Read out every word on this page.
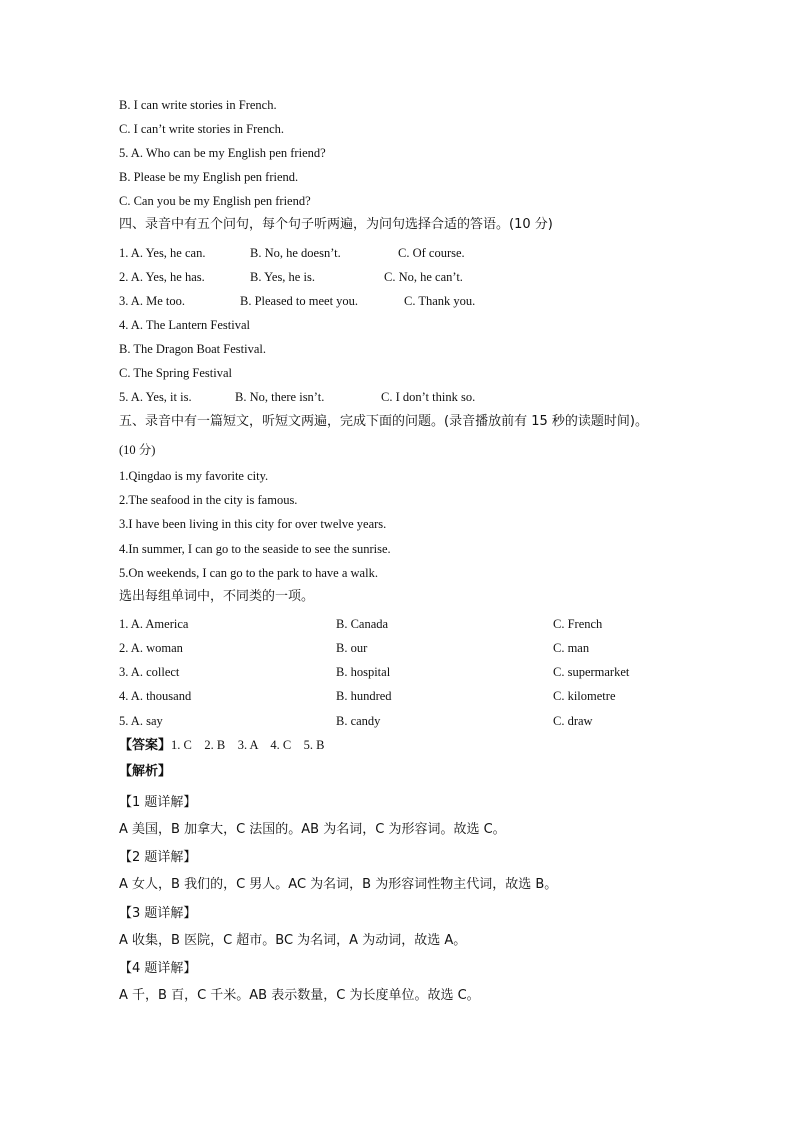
B. I can write stories in French.
C. I can’t write stories in French.
5. A. Who can be my English pen friend?
B. Please be my English pen friend.
C. Can you be my English pen friend?
四、录音中有五个问句，每个句子听两遍，为问句选择合适的答语。(10 分)
1. A. Yes, he can.	B. No, he doesn’t.	C. Of course.
2. A. Yes, he has.	B. Yes, he is.	C. No, he can’t.
3. A. Me too.	B. Pleased to meet you.	C. Thank you.
4. A. The Lantern Festival
B. The Dragon Boat Festival.
C. The Spring Festival
5. A. Yes, it is.	B. No, there isn’t.	C. I don’t think so.
五、录音中有一篇短文，听短文两遍，完成下面的问题。(录音播放前有 15 秒的读题时间)。
(10 分)
1.Qingdao is my favorite city.
2.The seafood in the city is famous.
3.I have been living in this city for over twelve years.
4.In summer, I can go to the seaside to see the sunrise.
5.On weekends, I can go to the park to have a walk.
选出每组单词中，不同类的一项。
1. A. America	B. Canada	C. French
2. A. woman	B. our	C. man
3. A. collect	B. hospital	C. supermarket
4. A. thousand	B. hundred	C. kilometre
5. A. say	B. candy	C. draw
【答案】1. C    2. B    3. A    4. C    5. B
【解析】
【1 题详解】
A 美国，B 加拿大，C 法国的。AB 为名词，C 为形容词。故选 C。
【2 题详解】
A 女人，B 我们的，C 男人。AC 为名词，B 为形容词性物主代词，故选 B。
【3 题详解】
A 收集，B 医院，C 超市。BC 为名词，A 为动词，故选 A。
【4 题详解】
A 千，B 百，C 千米。AB 表示数量，C 为长度单位。故选 C。
